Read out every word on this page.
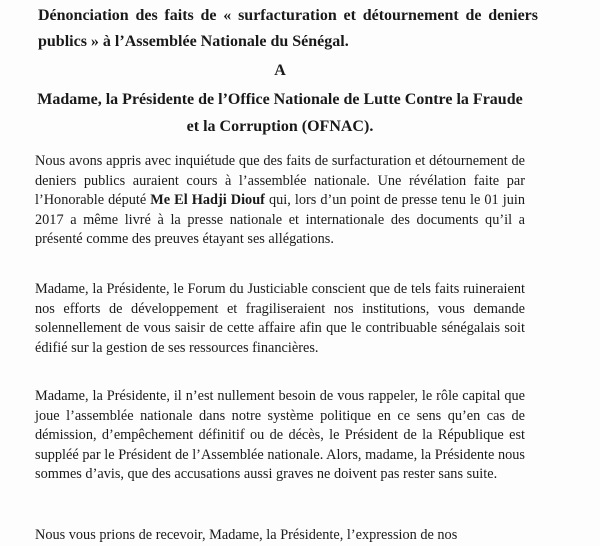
Dénonciation des faits de « surfacturation et détournement de deniers publics » à l’Assemblée Nationale du Sénégal.

A
Madame, la Présidente de l’Office Nationale de Lutte Contre la Fraude et la Corruption (OFNAC).

Nous avons appris avec inquiétude que des faits de surfacturation et détournement de deniers publics auraient cours à l’assemblée nationale. Une révélation faite par l’Honorable député Me El Hadji Diouf qui, lors d’un point de presse tenu le 01 juin 2017 a même livré à la presse nationale et internationale des documents qu’il a présenté comme des preuves étayant ses allégations.

Madame, la Présidente, le Forum du Justiciable conscient que de tels faits ruineraient nos efforts de développement et fragiliseraient nos institutions, vous demande solennellement de vous saisir de cette affaire afin que le contribuable sénégalais soit édifié sur la gestion de ses ressources financières.

Madame, la Présidente, il n’est nullement besoin de vous rappeler, le rôle capital que joue l’assemblée nationale dans notre système politique en ce sens qu’en cas de démission, d’empêchement définitif ou de décès, le Président de la République est suppléé par le Président de l’Assemblée nationale. Alors, madame, la Présidente nous sommes d’avis, que des accusations aussi graves ne doivent pas rester sans suite.

Nous vous prions de recevoir, Madame, la Présidente, l’expression de nos
